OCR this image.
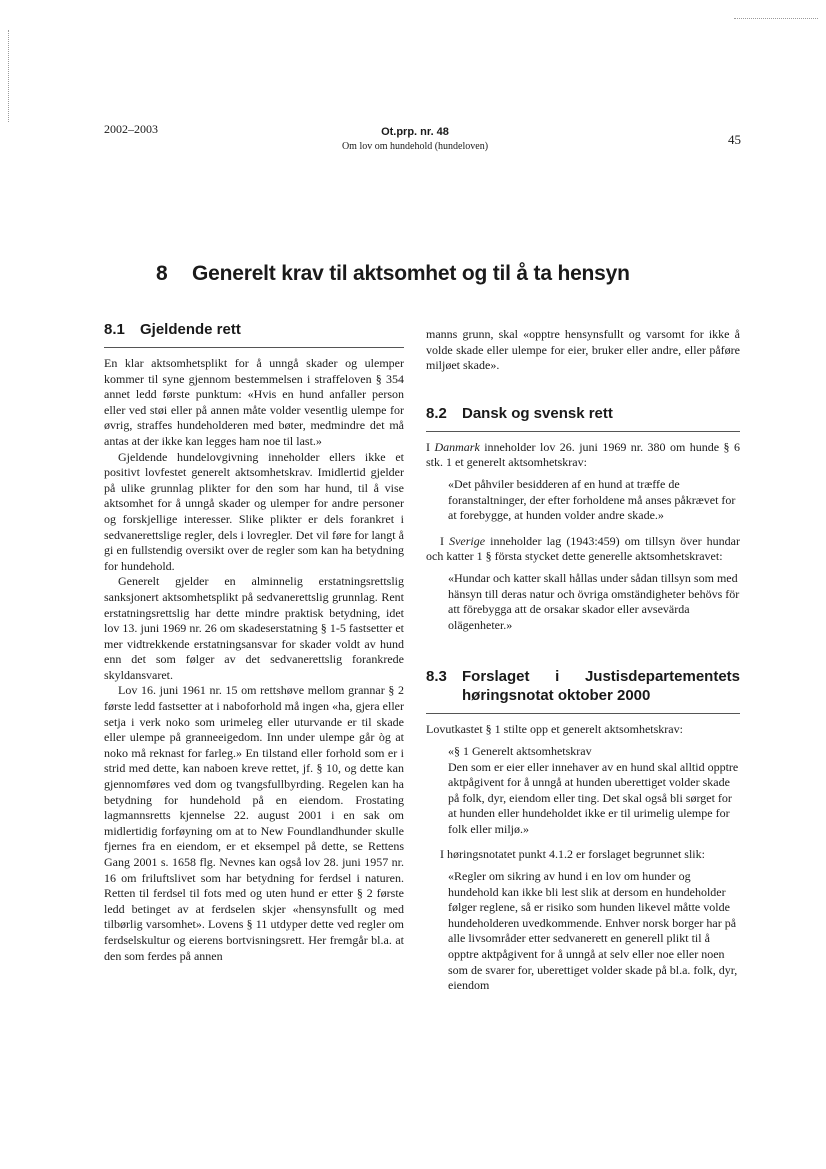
2002–2003	Ot.prp. nr. 48
Om lov om hundehold (hundeloven)	45
8 Generelt krav til aktsomhet og til å ta hensyn
8.1	Gjeldende rett

En klar aktsomhetsplikt for å unngå skader og ulemper kommer til syne gjennom bestemmelsen i straffeloven § 354 annet ledd første punktum: «Hvis en hund anfaller person eller ved støi eller på annen måte volder vesentlig ulempe for øvrig, straffes hundeholderen med bøter, medmindre det må antas at der ikke kan legges ham noe til last.»

Gjeldende hundelovgivning inneholder ellers ikke et positivt lovfestet generelt aktsomhetskrav. Imidlertid gjelder på ulike grunnlag plikter for den som har hund, til å vise aktsomhet for å unngå skader og ulemper for andre personer og forskjellige interesser. Slike plikter er dels forankret i sedvanerettslige regler, dels i lovregler. Det vil føre for langt å gi en fullstendig oversikt over de regler som kan ha betydning for hundehold.

Generelt gjelder en alminnelig erstatningsrettslig sanksjonert aktsomhetsplikt på sedvanerettslig grunnlag. Rent erstatningsrettslig har dette mindre praktisk betydning, idet lov 13. juni 1969 nr. 26 om skadeserstatning § 1-5 fastsetter et mer vidtrekkende erstatningsansvar for skader voldt av hund enn det som følger av det sedvanerettslig forankrede skyldansvaret.

Lov 16. juni 1961 nr. 15 om rettshøve mellom grannar § 2 første ledd fastsetter at i naboforhold må ingen «ha, gjera eller setja i verk noko som urimeleg eller uturvande er til skade eller ulempe på granneeigedom. Inn under ulempe går òg at noko må reknast for farleg.» En tilstand eller forhold som er i strid med dette, kan naboen kreve rettet, jf. § 10, og dette kan gjennomføres ved dom og tvangsfullbyrding. Regelen kan ha betydning for hundehold på en eiendom. Frostating lagmannsretts kjennelse 22. august 2001 i en sak om midlertidig forføyning om at to New Foundlandhunder skulle fjernes fra en eiendom, er et eksempel på dette, se Rettens Gang 2001 s. 1658 flg. Nevnes kan også lov 28. juni 1957 nr. 16 om friluftslivet som har betydning for ferdsel i naturen. Retten til ferdsel til fots med og uten hund er etter § 2 første ledd betinget av at ferdselen skjer «hensynsfullt og med tilbørlig varsomhet». Lovens § 11 utdyper dette ved regler om ferdselskultur og eierens bortvisningsrett. Her fremgår bl.a. at den som ferdes på annen

manns grunn, skal «opptre hensynsfullt og varsomt for ikke å volde skade eller ulempe for eier, bruker eller andre, eller påføre miljøet skade».

8.2	Dansk og svensk rett

I Danmark inneholder lov 26. juni 1969 nr. 380 om hunde § 6 stk. 1 et generelt aktsomhetskrav:

«Det påhviler besidderen af en hund at træffe de foranstaltninger, der efter forholdene må anses påkrævet for at forebygge, at hunden volder andre skade.»

I Sverige inneholder lag (1943:459) om tillsyn över hundar och katter 1 § första stycket dette generelle aktsomhetskravet:

«Hundar och katter skall hållas under sådan tillsyn som med hänsyn till deras natur och övriga omständigheter behövs för att förebygga att de orsakar skador eller avsevärda olägenheter.»

8.3	Forslaget i Justisdepartementets høringsnotat oktober 2000

Lovutkastet § 1 stilte opp et generelt aktsomhetskrav:

«§ 1 Generelt aktsomhetskrav

Den som er eier eller innehaver av en hund skal alltid opptre aktpågivent for å unngå at hunden uberettiget volder skade på folk, dyr, eiendom eller ting. Det skal også bli sørget for at hunden eller hundeholdet ikke er til urimelig ulempe for folk eller miljø.»

I høringsnotatet punkt 4.1.2 er forslaget begrunnet slik:

«Regler om sikring av hund i en lov om hunder og hundehold kan ikke bli lest slik at dersom en hundeholder følger reglene, så er risiko som hunden likevel måtte volde hundeholderen uvedkommende. Enhver norsk borger har på alle livsområder etter sedvanerett en generell plikt til å opptre aktpågivent for å unngå at selv eller noe eller noen som de svarer for, uberettiget volder skade på bl.a. folk, dyr, eiendom
